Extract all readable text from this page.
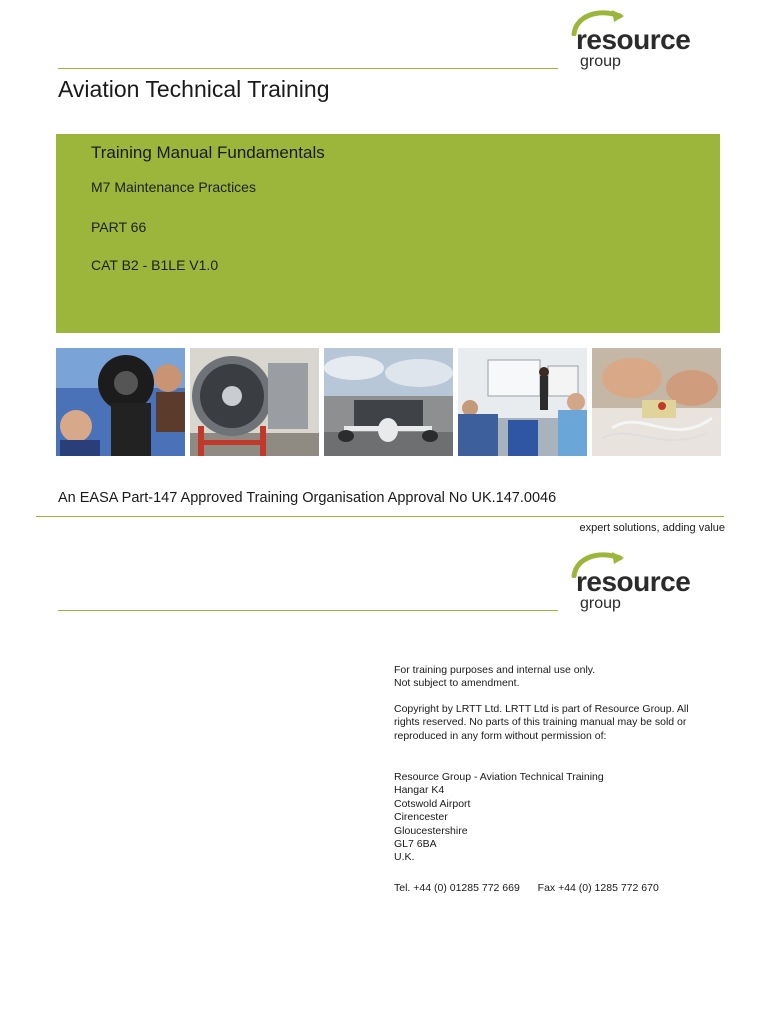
resource
group
Aviation Technical Training
Training Manual Fundamentals
M7 Maintenance Practices
PART 66
CAT B2 - B1LE V1.0
An EASA Part-147 Approved Training Organisation Approval No UK.147.0046
expert solutions, adding value
resource
group
For training purposes and internal use only.
Not subject to amendment.
Copyright by LRTT Ltd. LRTT Ltd is part of Resource Group. All
rights reserved. No parts of this training manual may be sold or
reproduced in any form without permission of:
Resource Group - Aviation Technical Training
Hangar K4
Cotswold Airport
Cirencester
Gloucestershire
GL7 6BA
U.K.
Tel. +44 (0) 01285 772 669 Fax +44 (0) 1285 772 670
